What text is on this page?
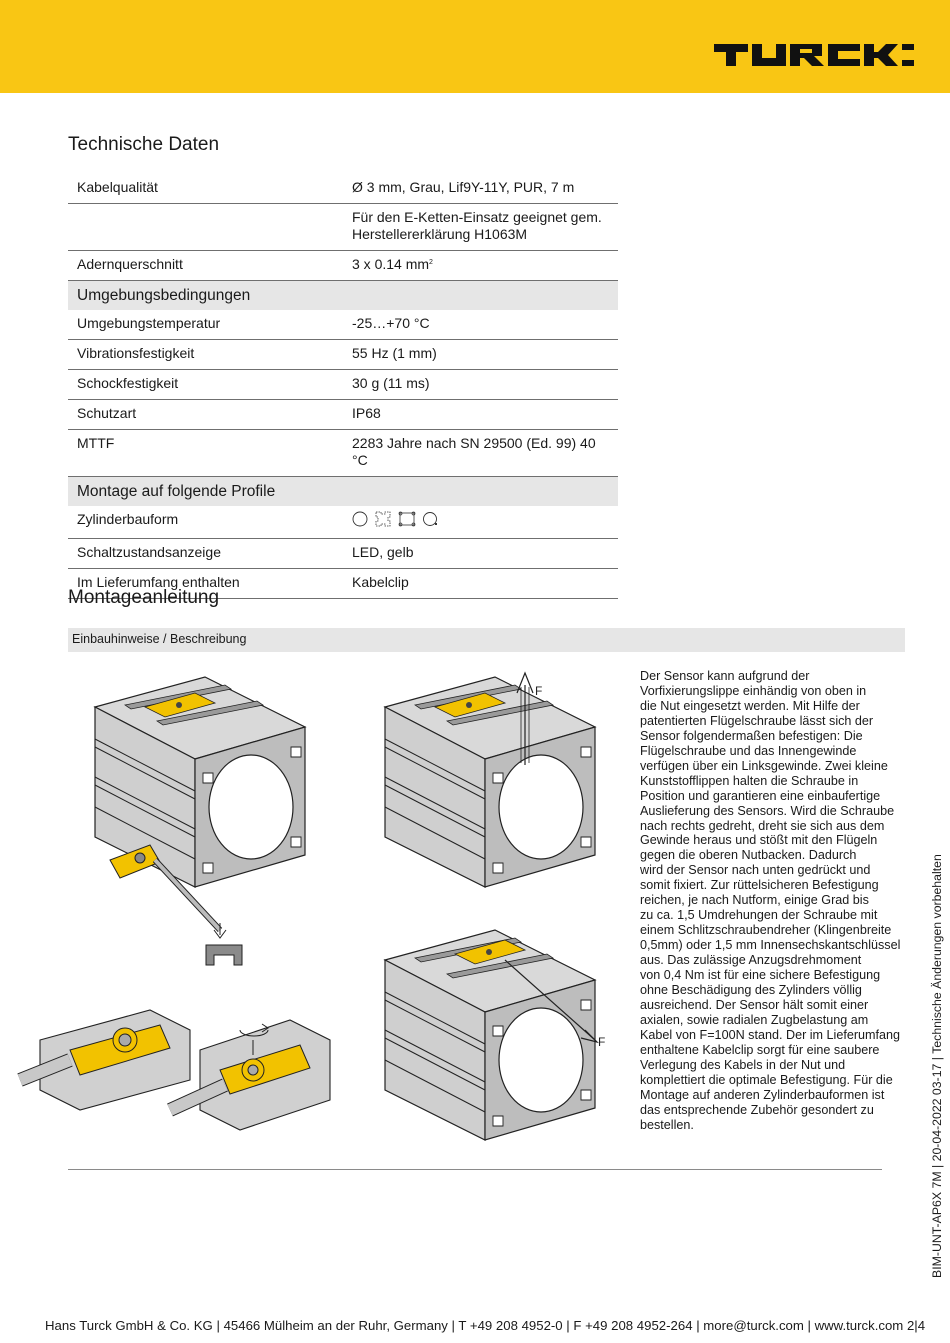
Technische Daten
Kabelqualität	Ø 3 mm, Grau, Lif9Y-11Y, PUR, 7 m
	Für den E-Ketten-Einsatz geeignet gem. Herstellererklärung H1063M
Adernquerschnitt	3 x 0.14 $mm^2$
Umgebungsbedingungen	
Umgebungstemperatur	-25…+70 °C
Vibrationsfestigkeit	55 Hz (1 mm)
Schockfestigkeit	30 g (11 ms)
Schutzart	IP68
MTTF	2283 Jahre nach SN 29500 (Ed. 99) 40 °C
Montage auf folgende Profile	
Zylinderbauform	

Schaltzustandsanzeige	LED, gelb
Im Lieferumfang enthalten	Kabelclip
Montageanleitung
Einbauhinweise / Beschreibung
F
F

Der Sensor kann aufgrund der
Vorfixierungslippe einhändig von oben in
die Nut eingesetzt werden. Mit Hilfe der
patentierten Flügelschraube lässt sich der
Sensor folgendermaßen befestigen: Die
Flügelschraube und das Innengewinde
verfügen über ein Linksgewinde. Zwei kleine
Kunststofflippen halten die Schraube in
Position und garantieren eine einbaufertige
Auslieferung des Sensors. Wird die Schraube
nach rechts gedreht, dreht sie sich aus dem
Gewinde heraus und stößt mit den Flügeln
gegen die oberen Nutbacken. Dadurch
wird der Sensor nach unten gedrückt und
somit fixiert. Zur rüttelsicheren Befestigung
reichen, je nach Nutform, einige Grad bis
zu ca. 1,5 Umdrehungen der Schraube mit
einem Schlitzschraubendreher (Klingenbreite
0,5mm) oder 1,5 mm Innensechskantschlüssel
aus. Das zulässige Anzugsdrehmoment
von 0,4 Nm ist für eine sichere Befestigung
ohne Beschädigung des Zylinders völlig
ausreichend. Der Sensor hält somit einer
axialen, sowie radialen Zugbelastung am
Kabel von F=100N stand. Der im Lieferumfang
enthaltene Kabelclip sorgt für eine saubere
Verlegung des Kabels in der Nut und
komplettiert die optimale Befestigung. Für die
Montage auf anderen Zylinderbauformen ist
das entsprechende Zubehör gesondert zu
bestellen.	BIM-UNT-AP6X 7M | 20-04-2022 03-17 | Technische Änderungen vorbehalten
Hans Turck GmbH & Co. KG | 45466 Mülheim an der Ruhr, Germany | T +49 208 4952-0 | F +49 208 4952-264 | more@turck.com | www.turck.com 2|4
